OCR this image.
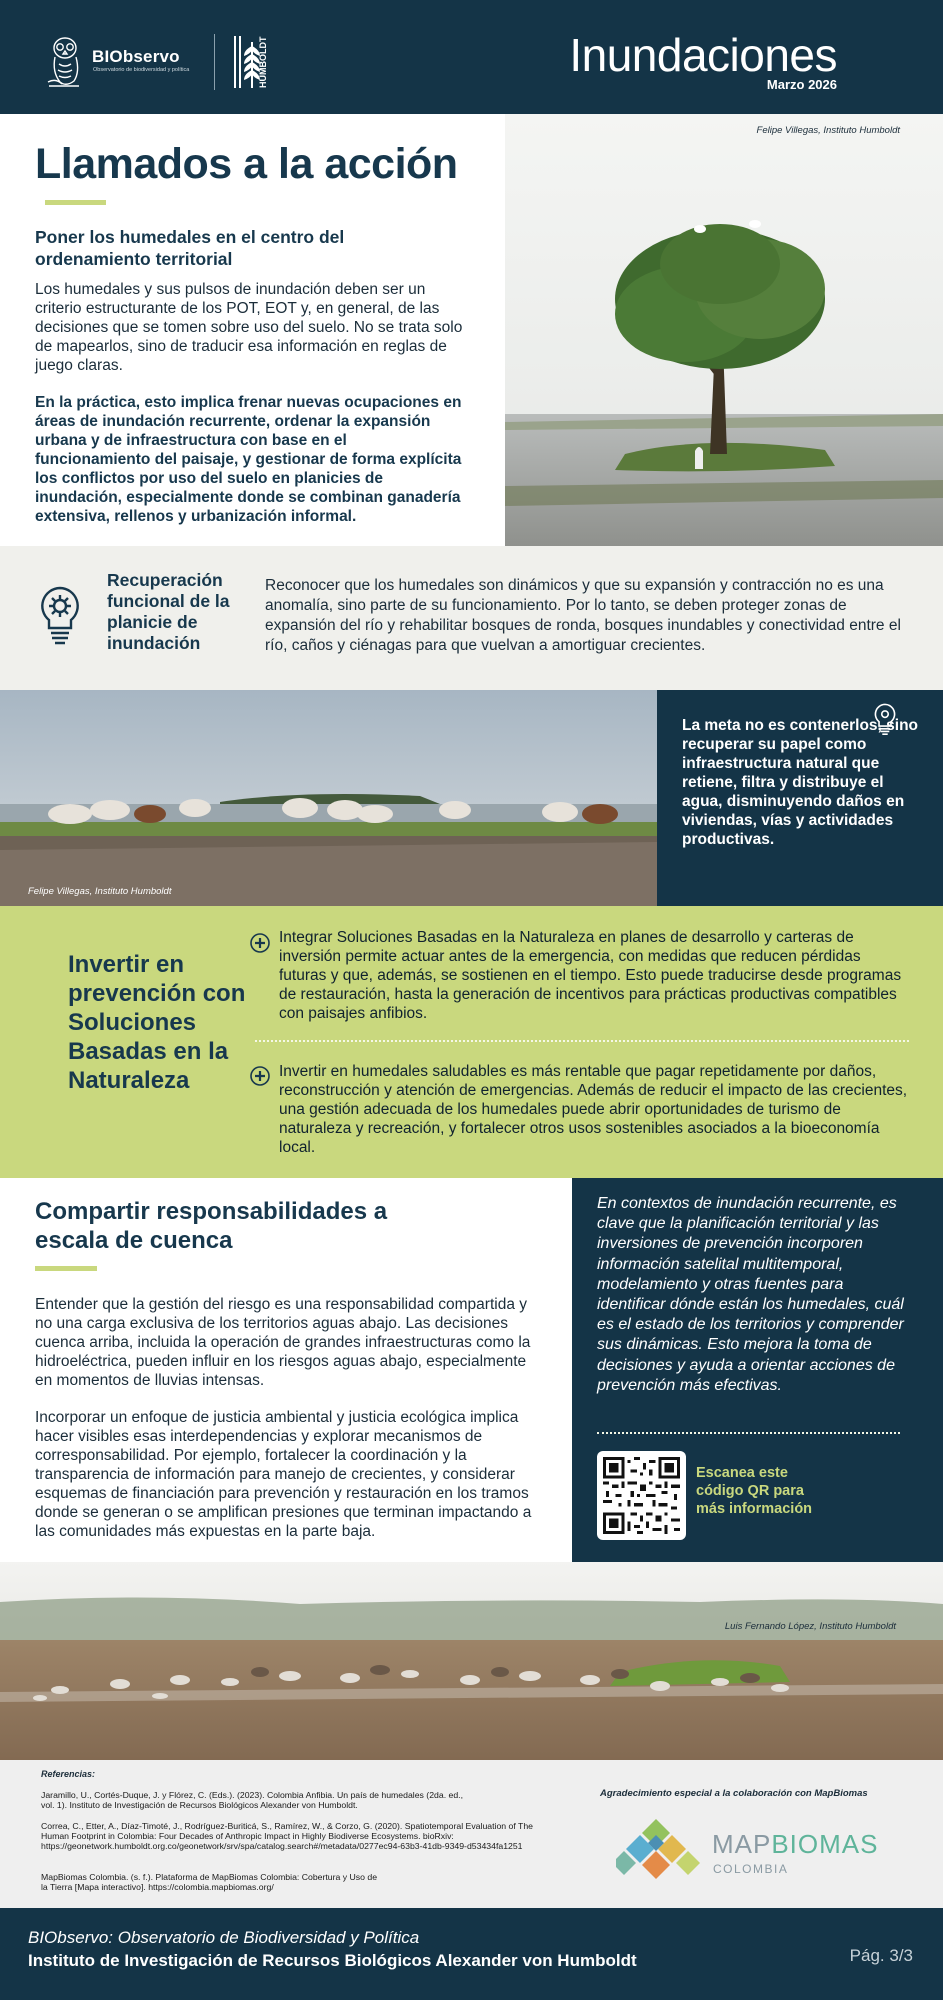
BIObservo
Observatorio de biodiversidad y política	HUMBOLDT	Inundaciones
Marzo 2026
Llamados a la acción
Poner los humedales en el centro del ordenamiento territorial
Los humedales y sus pulsos de inundación deben ser un criterio estructurante de los POT, EOT y, en general, de las decisiones que se tomen sobre uso del suelo. No se trata solo de mapearlos, sino de traducir esa información en reglas de juego claras.
En la práctica, esto implica frenar nuevas ocupaciones en áreas de inundación recurrente, ordenar la expansión urbana y de infraestructura con base en el funcionamiento del paisaje, y gestionar de forma explícita los conflictos por uso del suelo en planicies de inundación, especialmente donde se combinan ganadería extensiva, rellenos y urbanización informal.
Felipe Villegas, Instituto Humboldt
Recuperación funcional de la planicie de inundación
Reconocer que los humedales son dinámicos y que su expansión y contracción no es una anomalía, sino parte de su funcionamiento. Por lo tanto, se deben proteger zonas de expansión del río y rehabilitar bosques de ronda, bosques inundables y conectividad entre el río, caños y ciénagas para que vuelvan a amortiguar crecientes.
Felipe Villegas, Instituto Humboldt
La meta no es contenerlos, sino recuperar su papel como infraestructura natural que retiene, filtra y distribuye el agua, disminuyendo daños en viviendas, vías y actividades productivas.
Invertir en prevención con Soluciones Basadas en la Naturaleza
Integrar Soluciones Basadas en la Naturaleza en planes de desarrollo y carteras de inversión permite actuar antes de la emergencia, con medidas que reducen pérdidas futuras y que, además, se sostienen en el tiempo. Esto puede traducirse desde programas de restauración, hasta la generación de incentivos para prácticas productivas compatibles con paisajes anfibios.
Invertir en humedales saludables es más rentable que pagar repetidamente por daños, reconstrucción y atención de emergencias. Además de reducir el impacto de las crecientes, una gestión adecuada de los humedales puede abrir oportunidades de turismo de naturaleza y recreación, y fortalecer otros usos sostenibles asociados a la bioeconomía local.
Compartir responsabilidades a escala de cuenca
Entender que la gestión del riesgo es una responsabilidad compartida y no una carga exclusiva de los territorios aguas abajo. Las decisiones cuenca arriba, incluida la operación de grandes infraestructuras como la hidroeléctrica, pueden influir en los riesgos aguas abajo, especialmente en momentos de lluvias intensas.
Incorporar un enfoque de justicia ambiental y justicia ecológica implica hacer visibles esas interdependencias y explorar mecanismos de corresponsabilidad. Por ejemplo, fortalecer la coordinación y la transparencia de información para manejo de crecientes, y considerar esquemas de financiación para prevención y restauración en los tramos donde se generan o se amplifican presiones que terminan impactando a las comunidades más expuestas en la parte baja.
En contextos de inundación recurrente, es clave que la planificación territorial y las inversiones de prevención incorporen información satelital multitemporal, modelamiento y otras fuentes para identificar dónde están los humedales, cuál es el estado de los territorios y comprender sus dinámicas. Esto mejora la toma de decisiones y ayuda a orientar acciones de prevención más efectivas.
Escanea este código QR para más información
Luis Fernando López, Instituto Humboldt
Referencias:
Jaramillo, U., Cortés-Duque, J. y Flórez, C. (Eds.). (2023). Colombia Anfibia. Un país de humedales (2da. ed., vol. 1). Instituto de Investigación de Recursos Biológicos Alexander von Humboldt.
Correa, C., Etter, A., Díaz-Timoté, J., Rodríguez-Buriticá, S., Ramírez, W., & Corzo, G. (2020). Spatiotemporal Evaluation of The Human Footprint in Colombia: Four Decades of Anthropic Impact in Highly Biodiverse Ecosystems. bioRxiv: https://geonetwork.humboldt.org.co/geonetwork/srv/spa/catalog.search#/metadata/0277ec94-63b3-41db-9349-d53434fa1251
MapBiomas Colombia. (s. f.). Plataforma de MapBiomas Colombia: Cobertura y Uso de la Tierra [Mapa interactivo]. https://colombia.mapbiomas.org/
Agradecimiento especial a la colaboración con MapBiomas
MAPBIOMAS
COLOMBIA
BIObservo: Observatorio de Biodiversidad y Política
Instituto de Investigación de Recursos Biológicos Alexander von Humboldt	Pág. 3/3
